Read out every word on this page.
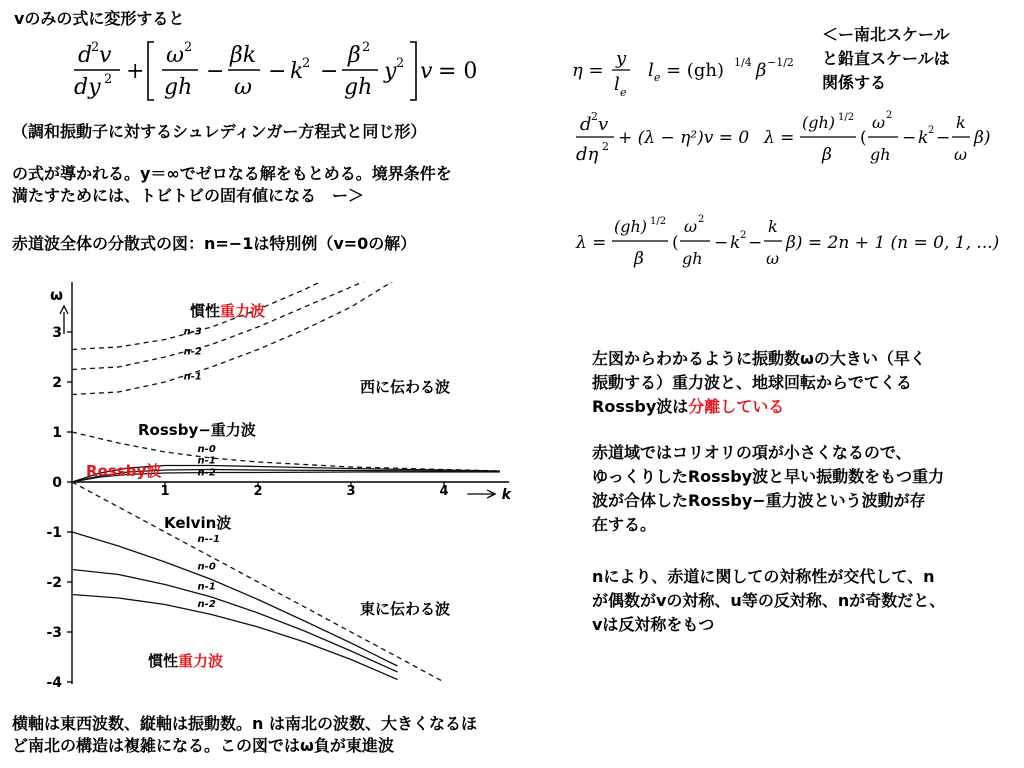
vのみの式に変形すると
d
2 v
dy 2 +
ω 2
gh
−
βk
ω
− k
2 −
β 2
gh
y 2 v = 0
（調和振動子に対するシュレディンガー方程式と同じ形）
の式が導かれる。y＝∞でゼロなる解をもとめる。境界条件を
満たすためには、トビトビの固有値になる　ー＞
赤道波全体の分散式の図：n=−1は特別例（v=0の解）
ω
k
3
2
1
0
-1
-2
-3
-4
1	2	3	4
n-3
n-2
n-1
n-0
n-1
n-2
n--1
n-0
n-1
n-2
慣性重力波
西に伝わる波
Rossby−重力波
Rossby波
Kelvin波
東に伝わる波
慣性重力波
横軸は東西波数、縦軸は振動数。n は南北の波数、大きくなるほ
ど南北の構造は複雑になる。この図ではω負が東進波
η =
y
l e
l e = (gh) 1/4 β −1/2
＜ー南北スケール
と鉛直スケールは
関係する
d 2 v
dη 2 + (λ − η²)v = 0 λ =
(gh) 1/2
β
(
ω 2
gh
− k 2 −
k
ω
β)
λ =
(gh) 1/2
β
(
ω 2
gh
− k 2 −
k
ω
β) = 2n + 1 (n = 0, 1, ...)
左図からわかるように振動数ωの大きい（早く
振動する）重力波と、地球回転からでてくる
Rossby波は分離している
赤道域ではコリオリの項が小さくなるので、
ゆっくりしたRossby波と早い振動数をもつ重力
波が合体したRossby−重力波という波動が存
在する。
nにより、赤道に関しての対称性が交代して、n
が偶数がvの対称、u等の反対称、nが奇数だと、
vは反対称をもつ
